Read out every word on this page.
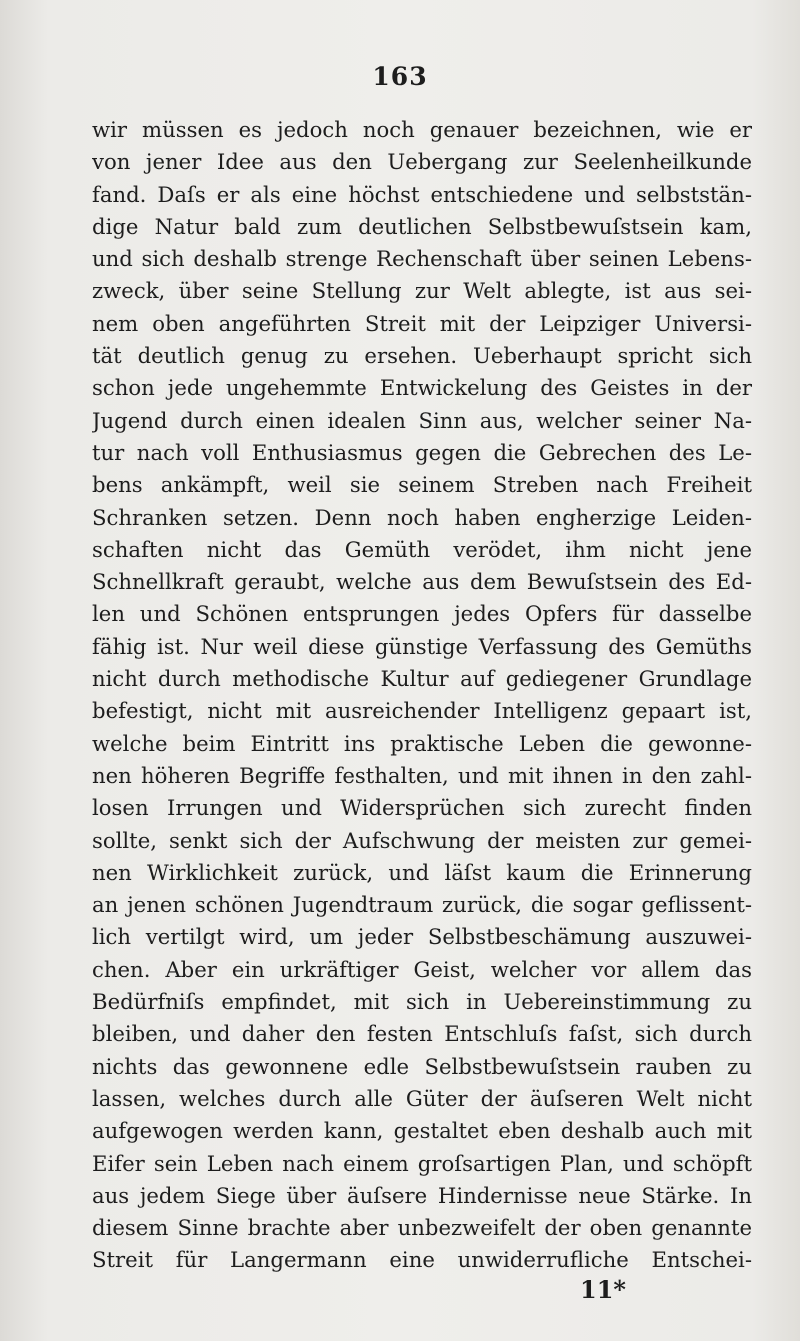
163
wir müssen es jedoch noch genauer bezeichnen, wie er
von jener Idee aus den Uebergang zur Seelenheilkunde
fand. Daſs er als eine höchst entschiedene und selbststän-
dige Natur bald zum deutlichen Selbstbewuſstsein kam,
und sich deshalb strenge Rechenschaft über seinen Lebens-
zweck, über seine Stellung zur Welt ablegte, ist aus sei-
nem oben angeführten Streit mit der Leipziger Universi-
tät deutlich genug zu ersehen. Ueberhaupt spricht sich
schon jede ungehemmte Entwickelung des Geistes in der
Jugend durch einen idealen Sinn aus, welcher seiner Na-
tur nach voll Enthusiasmus gegen die Gebrechen des Le-
bens ankämpft, weil sie seinem Streben nach Freiheit
Schranken setzen. Denn noch haben engherzige Leiden-
schaften nicht das Gemüth verödet, ihm nicht jene
Schnellkraft geraubt, welche aus dem Bewuſstsein des Ed-
len und Schönen entsprungen jedes Opfers für dasselbe
fähig ist. Nur weil diese günstige Verfassung des Gemüths
nicht durch methodische Kultur auf gediegener Grundlage
befestigt, nicht mit ausreichender Intelligenz gepaart ist,
welche beim Eintritt ins praktische Leben die gewonne-
nen höheren Begriffe festhalten, und mit ihnen in den zahl-
losen Irrungen und Widersprüchen sich zurecht finden
sollte, senkt sich der Aufschwung der meisten zur gemei-
nen Wirklichkeit zurück, und läſst kaum die Erinnerung
an jenen schönen Jugendtraum zurück, die sogar geflissent-
lich vertilgt wird, um jeder Selbstbeschämung auszuwei-
chen. Aber ein urkräftiger Geist, welcher vor allem das
Bedürfniſs empfindet, mit sich in Uebereinstimmung zu
bleiben, und daher den festen Entschluſs faſst, sich durch
nichts das gewonnene edle Selbstbewuſstsein rauben zu
lassen, welches durch alle Güter der äuſseren Welt nicht
aufgewogen werden kann, gestaltet eben deshalb auch mit
Eifer sein Leben nach einem groſsartigen Plan, und schöpft
aus jedem Siege über äuſsere Hindernisse neue Stärke. In
diesem Sinne brachte aber unbezweifelt der oben genannte
Streit für Langermann eine unwiderrufliche Entschei-
11*
